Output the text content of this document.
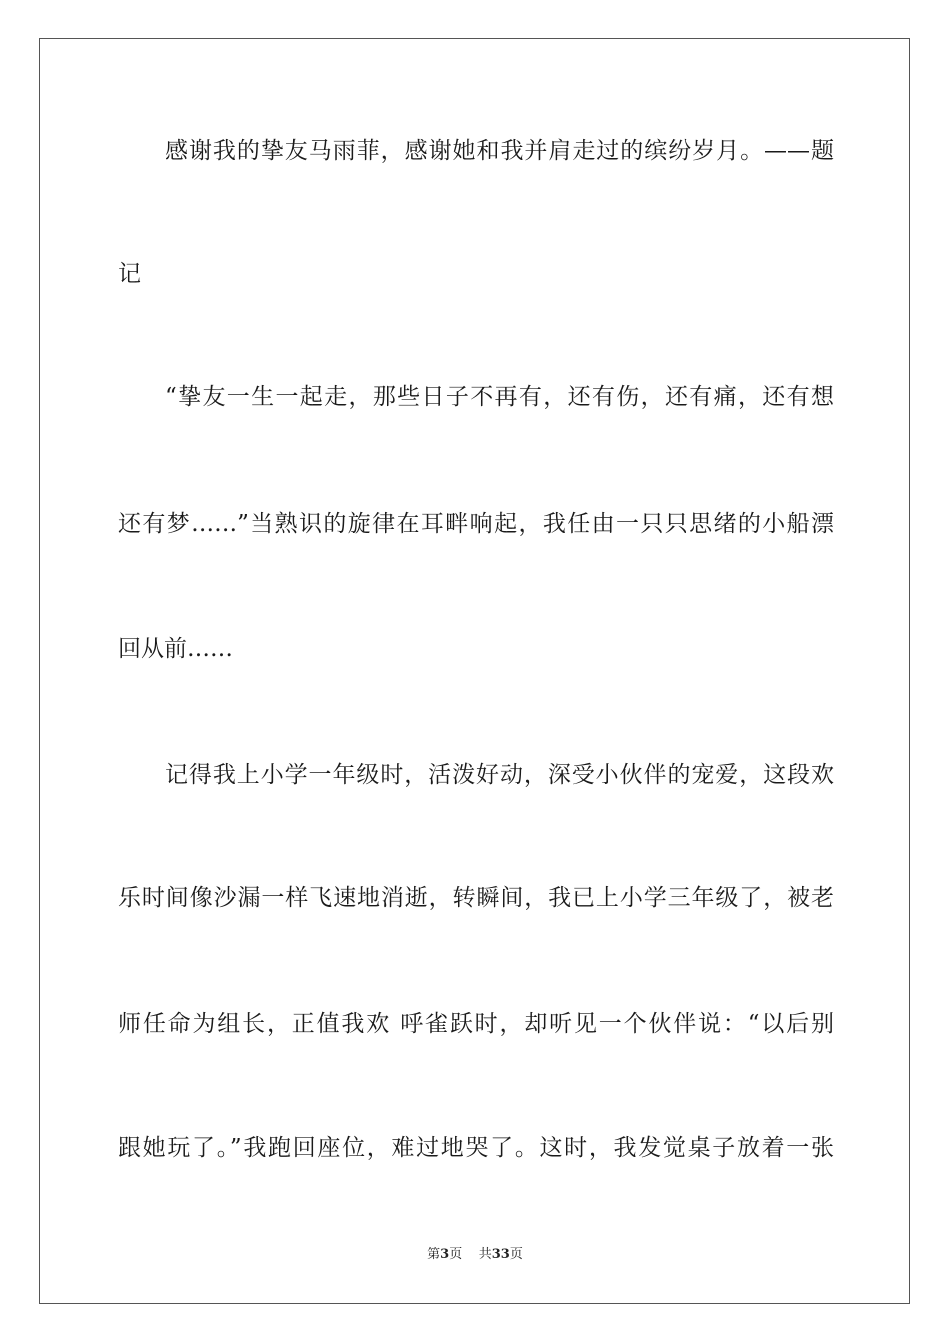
感谢我的挚友马雨菲，感谢她和我并肩走过的缤纷岁月。——题
记
“挚友一生一起走，那些日子不再有，还有伤，还有痛，还有想
还有梦……”当熟识的旋律在耳畔响起，我任由一只只思绪的小船漂
回从前……
记得我上小学一年级时，活泼好动，深受小伙伴的宠爱，这段欢
乐时间像沙漏一样飞速地消逝，转瞬间，我已上小学三年级了，被老
师任命为组长，正值我欢 呼雀跃时，却听见一个伙伴说：“以后别
跟她玩了。”我跑回座位，难过地哭了。这时，我发觉桌子放着一张
第3页 共33页
